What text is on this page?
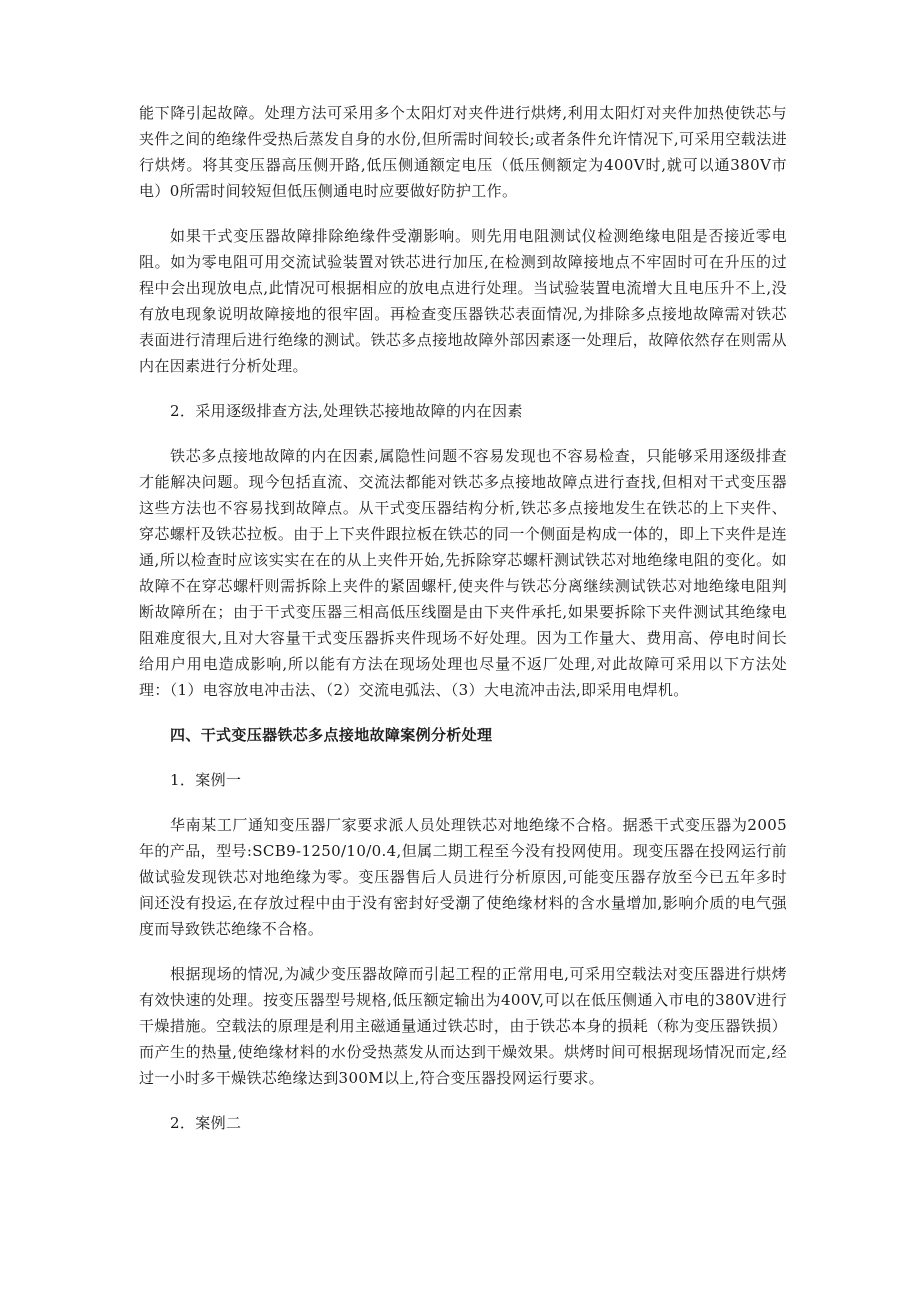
能下降引起故障。处理方法可采用多个太阳灯对夹件进行烘烤,利用太阳灯对夹件加热使铁芯与夹件之间的绝缘件受热后蒸发自身的水份,但所需时间较长;或者条件允许情况下,可采用空载法进行烘烤。将其变压器高压侧开路,低压侧通额定电压（低压侧额定为400V时,就可以通380V市电）0所需时间较短但低压侧通电时应要做好防护工作。

如果干式变压器故障排除绝缘件受潮影响。则先用电阻测试仪检测绝缘电阻是否接近零电阻。如为零电阻可用交流试验装置对铁芯进行加压,在检测到故障接地点不牢固时可在升压的过程中会出现放电点,此情况可根据相应的放电点进行处理。当试验装置电流增大且电压升不上,没有放电现象说明故障接地的很牢固。再检查变压器铁芯表面情况,为排除多点接地故障需对铁芯表面进行清理后进行绝缘的测试。铁芯多点接地故障外部因素逐一处理后，故障依然存在则需从内在因素进行分析处理。

2．采用逐级排查方法,处理铁芯接地故障的内在因素

铁芯多点接地故障的内在因素,属隐性问题不容易发现也不容易检查，只能够采用逐级排查才能解决问题。现今包括直流、交流法都能对铁芯多点接地故障点进行查找,但相对干式变压器这些方法也不容易找到故障点。从干式变压器结构分析,铁芯多点接地发生在铁芯的上下夹件、穿芯螺杆及铁芯拉板。由于上下夹件跟拉板在铁芯的同一个侧面是构成一体的，即上下夹件是连通,所以检查时应该实实在在的从上夹件开始,先拆除穿芯螺杆测试铁芯对地绝缘电阻的变化。如故障不在穿芯螺杆则需拆除上夹件的紧固螺杆,使夹件与铁芯分离继续测试铁芯对地绝缘电阻判断故障所在；由于干式变压器三相高低压线圈是由下夹件承托,如果要拆除下夹件测试其绝缘电阻难度很大,且对大容量干式变压器拆夹件现场不好处理。因为工作量大、费用高、停电时间长给用户用电造成影响,所以能有方法在现场处理也尽量不返厂处理,对此故障可采用以下方法处理：（1）电容放电冲击法、（2）交流电弧法、（3）大电流冲击法,即采用电焊机。

四、干式变压器铁芯多点接地故障案例分析处理

1．案例一

华南某工厂通知变压器厂家要求派人员处理铁芯对地绝缘不合格。据悉干式变压器为2005年的产品，型号:SCB9-1250/10/0.4,但属二期工程至今没有投网使用。现变压器在投网运行前做试验发现铁芯对地绝缘为零。变压器售后人员进行分析原因,可能变压器存放至今已五年多时间还没有投运,在存放过程中由于没有密封好受潮了使绝缘材料的含水量增加,影响介质的电气强度而导致铁芯绝缘不合格。

根据现场的情况,为减少变压器故障而引起工程的正常用电,可采用空载法对变压器进行烘烤有效快速的处理。按变压器型号规格,低压额定输出为400V,可以在低压侧通入市电的380V进行干燥措施。空载法的原理是利用主磁通量通过铁芯时，由于铁芯本身的损耗（称为变压器铁损）而产生的热量,使绝缘材料的水份受热蒸发从而达到干燥效果。烘烤时间可根据现场情况而定,经过一小时多干燥铁芯绝缘达到300M以上,符合变压器投网运行要求。

2．案例二
